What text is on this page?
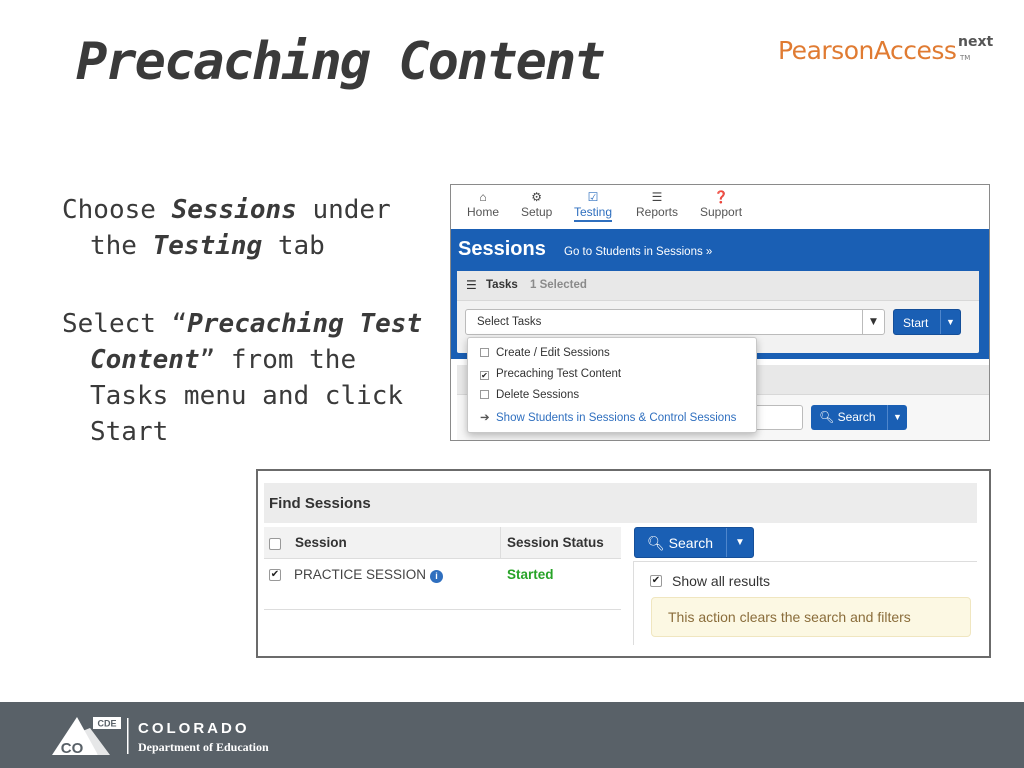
Precaching Content	PearsonAccess next
TM
Choose Sessions under the Testing tab
Select “Precaching Test Content” from the Tasks menu and click Start
⌂
Home
⚙
Setup
☑
Testing
☰
Reports
❓
Support
Sessions Go to Students in Sessions »
☰ Tasks 1 Selected
Select Tasks	▼	Start	▼
🔍︎ Search	▼
Create / Edit Sessions
✔ Precaching Test Content
Delete Sessions
➔ Show Students in Sessions & Control Sessions
Find Sessions
Session	Session Status
✔ PRACTICE SESSION i	Started
🔍︎ Search	▼
✔ Show all results
This action clears the search and filters
CDE
CO
COLORADO
Department of Education
